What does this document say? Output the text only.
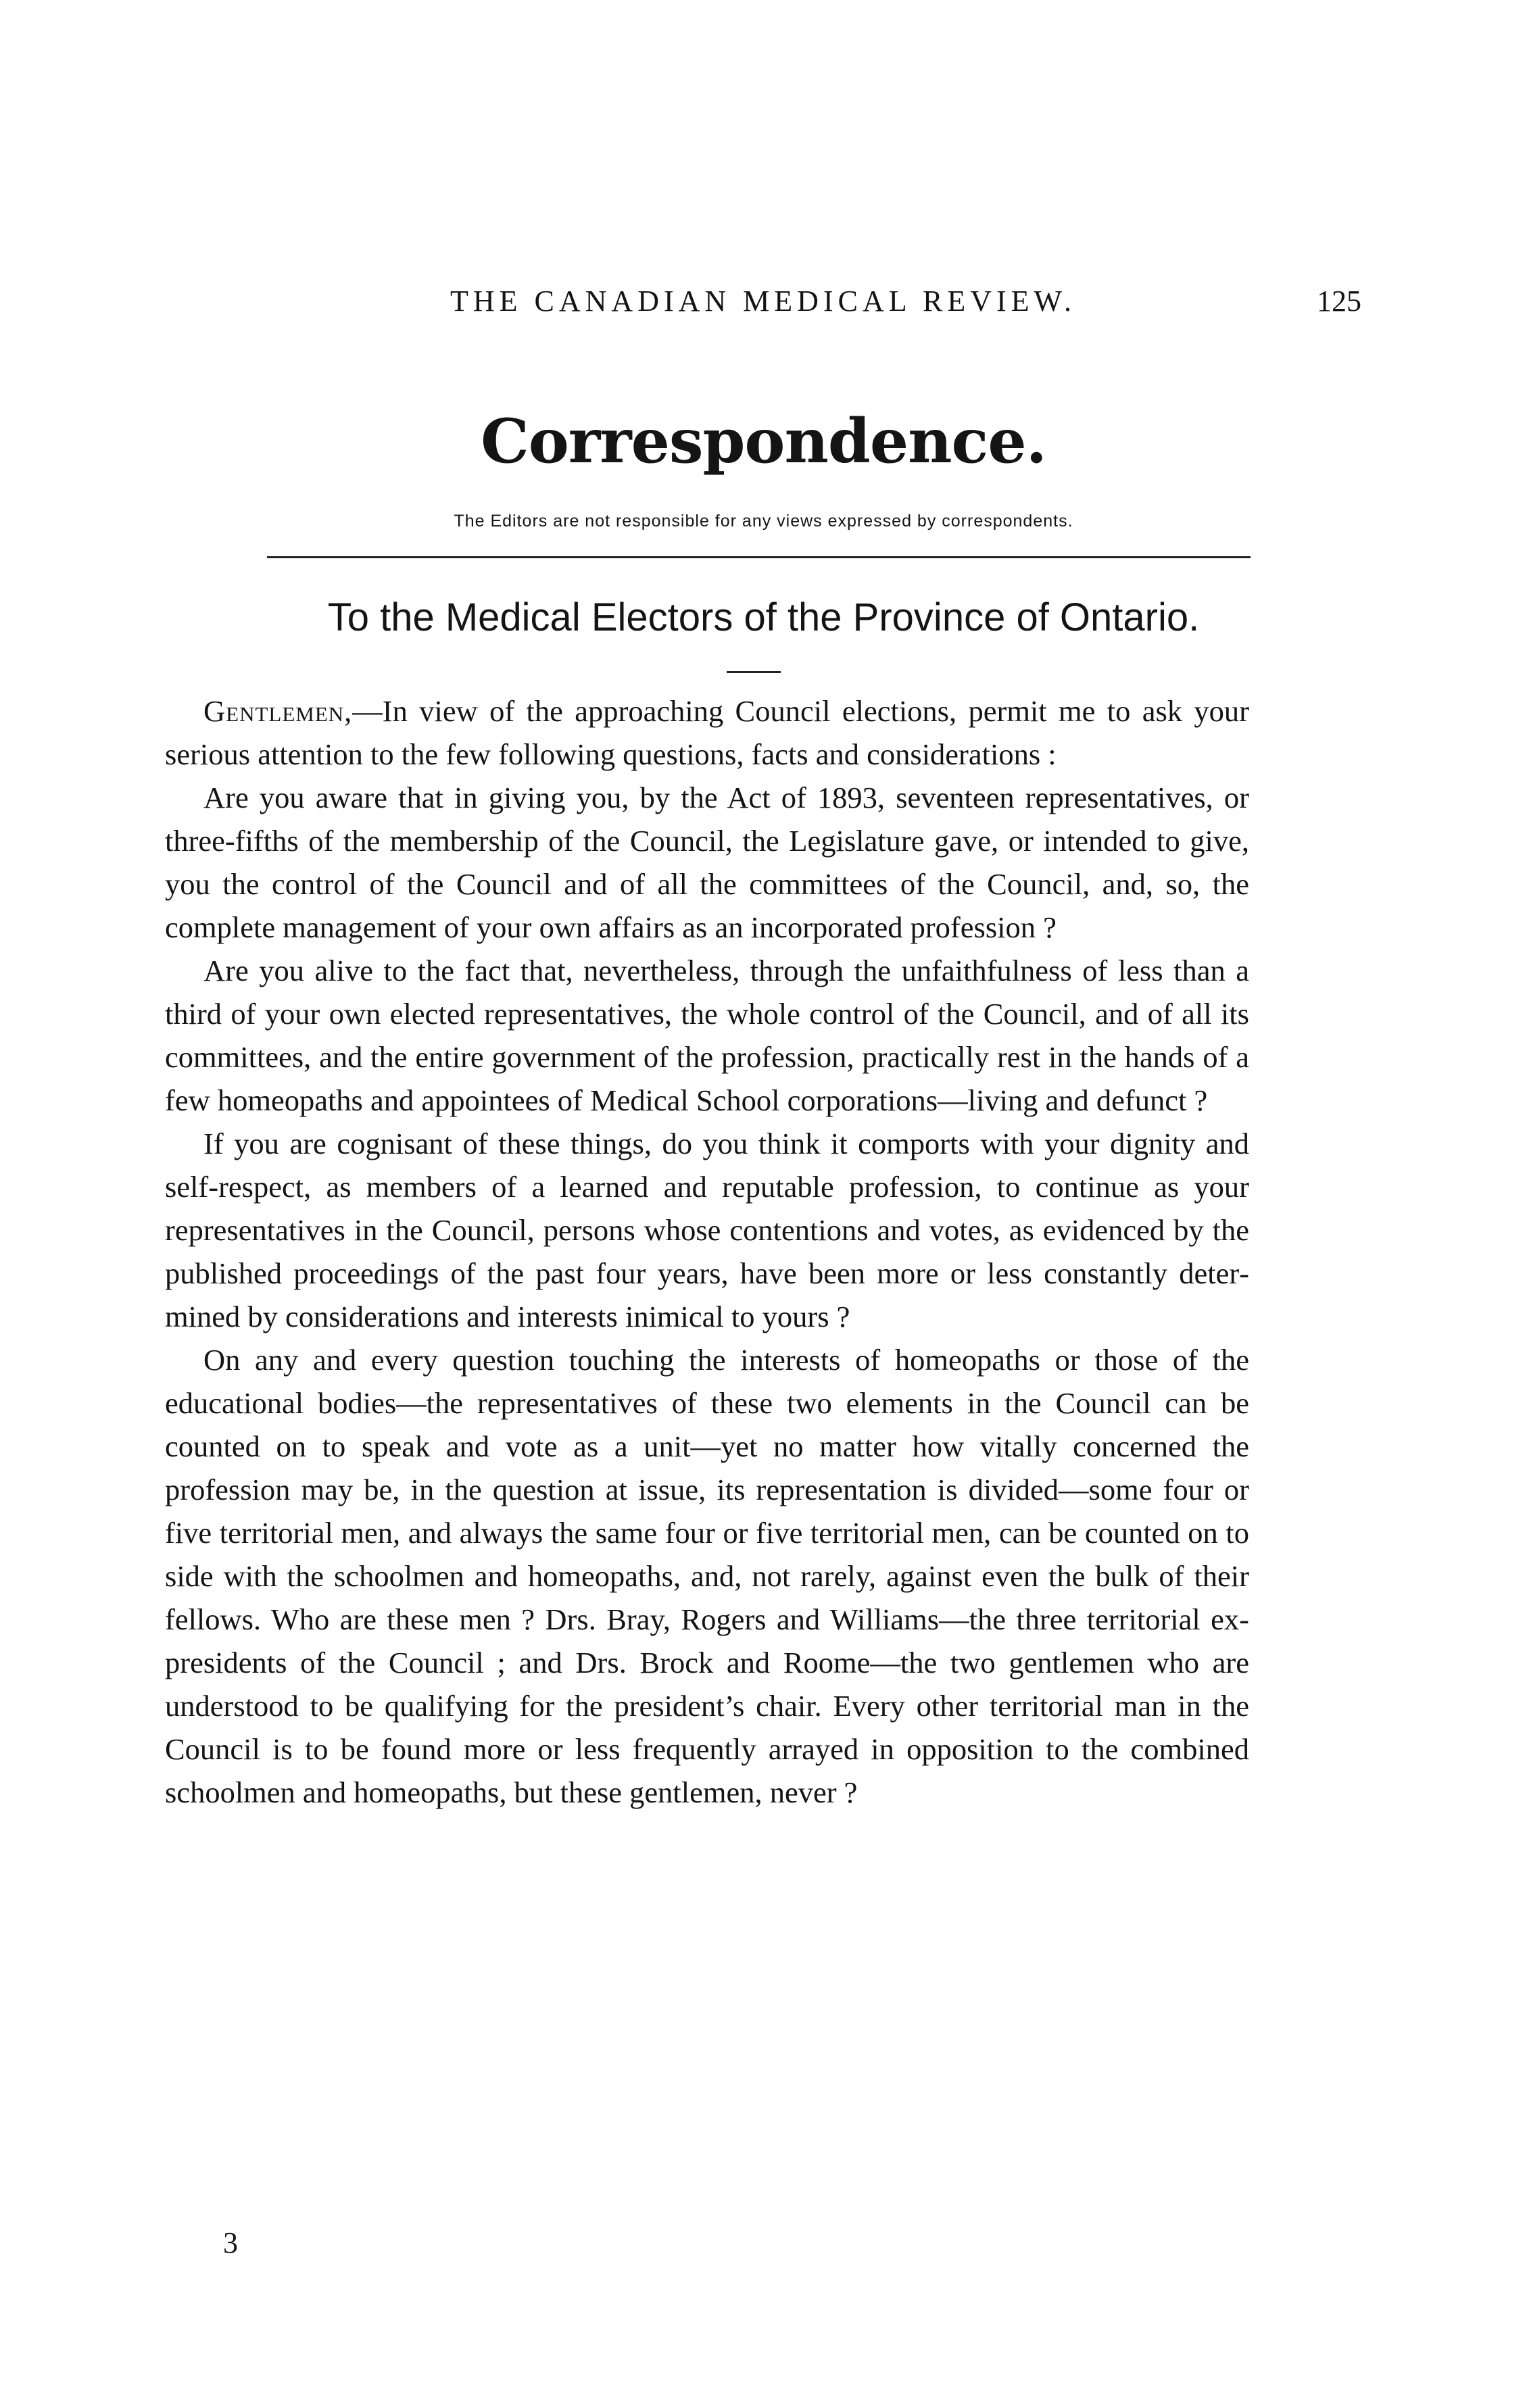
THE CANADIAN MEDICAL REVIEW.	125
Correspondence.
The Editors are not responsible for any views expressed by correspondents.
To the Medical Electors of the Province of Ontario.

Gentlemen,—In view of the approaching Council elections, permit me to ask your serious attention to the few following questions, facts and considerations :

Are you aware that in giving you, by the Act of 1893, seventeen representatives, or three-fifths of the membership of the Council, the Legislature gave, or intended to give, you the control of the Council and of all the committees of the Council, and, so, the complete management of your own affairs as an incorporated profession ?

Are you alive to the fact that, nevertheless, through the unfaithfulness of less than a third of your own elected representatives, the whole control of the Council, and of all its committees, and the entire government of the profession, practically rest in the hands of a few homeopaths and appointees of Medical School corporations—living and defunct ?

If you are cognisant of these things, do you think it comports with your dignity and self-respect, as members of a learned and reputable profession, to continue as your representatives in the Council, persons whose contentions and votes, as evidenced by the published proceedings of the past four years, have been more or less constantly determined by considerations and interests inimical to yours ?

On any and every question touching the interests of homeopaths or those of the educational bodies—the representatives of these two elements in the Council can be counted on to speak and vote as a unit—yet no matter how vitally concerned the profession may be, in the question at issue, its representation is divided—some four or five territorial men, and always the same four or five territorial men, can be counted on to side with the schoolmen and homeopaths, and, not rarely, against even the bulk of their fellows. Who are these men ? Drs. Bray, Rogers and Williams—the three territorial ex-presidents of the Council ; and Drs. Brock and Roome—the two gentlemen who are understood to be qualifying for the president’s chair. Every other territorial man in the Council is to be found more or less frequently arrayed in opposition to the combined schoolmen and homeopaths, but these gentlemen, never ?

3
